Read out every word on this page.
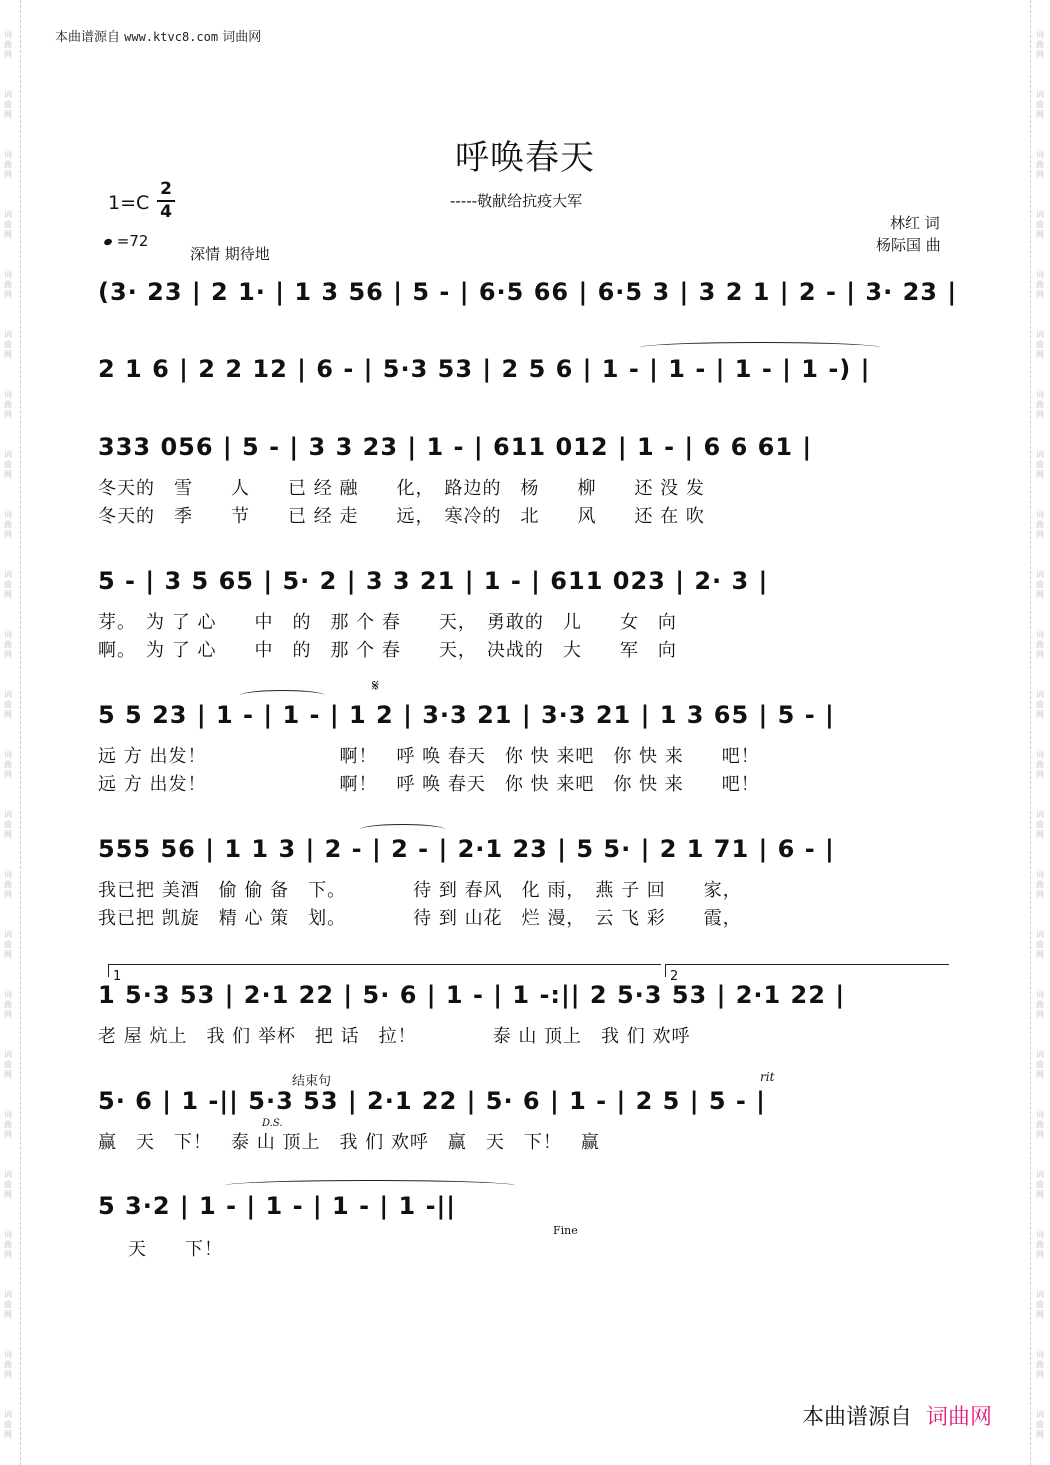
本曲谱源自 www.ktvc8.com 词曲网
呼唤春天
-----敬献给抗疫大军
1=C
2
4
=72
深情 期待地
林红 词
杨际国 曲
(3· 23 | 2 1· | 1 3 56 | 5 - | 6·5 66 | 6·5 3 | 3 2 1 | 2 - | 3· 23 |
2 1 6 | 2 2 12 | 6 - | 5·3 53 | 2 5 6 | 1 - | 1 - | 1 - | 1 -) |
333 056 | 5 - | 3 3 23 | 1 - | 611 012 | 1 - | 6 6 61 |
冬天的　雪　　人　　已 经 融　　化，　路边的　杨　　柳　　还 没 发
冬天的　季　　节　　已 经 走　　远，　寒冷的　北　　风　　还 在 吹
5 - | 3 5 65 | 5· 2 | 3 3 21 | 1 - | 611 023 | 2· 3 |
芽。　为 了 心　　中　的　那 个 春　　天，　勇敢的　儿　　女　向
啊。　为 了 心　　中　的　那 个 春　　天，　决战的　大　　军　向
𝄋
5 5 23 | 1 - | 1 - | 1 2 | 3·3 21 | 3·3 21 | 1 3 65 | 5 - |
远 方 出发！　　　　　　　啊！　呼 唤 春天　你 快 来吧　你 快 来　　吧！
远 方 出发！　　　　　　　啊！　呼 唤 春天　你 快 来吧　你 快 来　　吧！
555 56 | 1 1 3 | 2 - | 2 - | 2·1 23 | 5 5· | 2 1 71 | 6 - |
我已把 美酒　偷 偷 备　下。　　　　待 到 春风　化 雨，　燕 子 回　　家，
我已把 凯旋　精 心 策　划。　　　　待 到 山花　烂 漫，　云 飞 彩　　霞，
1	2
1 5·3 53 | 2·1 22 | 5· 6 | 1 - | 1 -:|| 2 5·3 53 | 2·1 22 |
老 屋 炕上　我 们 举杯　把 话　拉！　　　　泰 山 顶上　我 们 欢呼
结束句	rit
5· 6 | 1 -|| 5·3 53 | 2·1 22 | 5· 6 | 1 - | 2 5 | 5 - |
D.S.
赢　天　下！　泰 山 顶上　我 们 欢呼　赢　天　下！　赢
5 3·2 | 1 - | 1 - | 1 - | 1 -||
Fine
天　　下！
本曲谱源自 词曲网
词曲网
词曲网
词曲网
词曲网
词曲网
词曲网
词曲网
词曲网
词曲网
词曲网
词曲网
词曲网
词曲网
词曲网
词曲网
词曲网
词曲网
词曲网
词曲网
词曲网
词曲网
词曲网
词曲网
词曲网
词曲网
词曲网
词曲网
词曲网
词曲网
词曲网
词曲网
词曲网
词曲网
词曲网
词曲网
词曲网
词曲网
词曲网
词曲网
词曲网
词曲网
词曲网
词曲网
词曲网
词曲网
词曲网
词曲网
词曲网
